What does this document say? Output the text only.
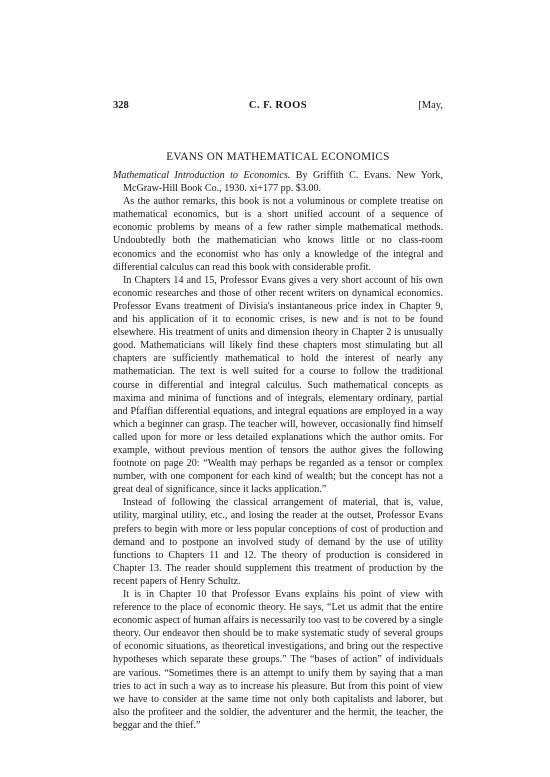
328	C. F. ROOS	[May,
EVANS ON MATHEMATICAL ECONOMICS
Mathematical Introduction to Economics. By Griffith C. Evans. New York, McGraw-Hill Book Co., 1930. xi+177 pp. $3.00.

As the author remarks, this book is not a voluminous or complete treatise on mathematical economics, but is a short unified account of a sequence of economic problems by means of a few rather simple mathematical methods. Undoubtedly both the mathematician who knows little or no class-room economics and the economist who has only a knowledge of the integral and differential calculus can read this book with considerable profit.

In Chapters 14 and 15, Professor Evans gives a very short account of his own economic researches and those of other recent writers on dynamical economics. Professor Evans treatment of Divisia's instantaneous price index in Chapter 9, and his application of it to economic crises, is new and is not to be found elsewhere. His treatment of units and dimension theory in Chapter 2 is unusually good. Mathematicians will likely find these chapters most stimulating but all chapters are sufficiently mathematical to hold the interest of nearly any mathematician. The text is well suited for a course to follow the traditional course in differential and integral calculus. Such mathematical concepts as maxima and minima of functions and of integrals, elementary ordinary, partial and Pfaffian differential equations, and integral equations are employed in a way which a beginner can grasp. The teacher will, however, occasionally find himself called upon for more or less detailed explanations which the author omits. For example, without previous mention of tensors the author gives the following footnote on page 20: “Wealth may perhaps be regarded as a tensor or complex number, with one component for each kind of wealth; but the concept has not a great deal of significance, since it lacks application.”

Instead of following the classical arrangement of material, that is, value, utility, marginal utility, etc., and losing the reader at the outset, Professor Evans prefers to begin with more or less popular conceptions of cost of production and demand and to postpone an involved study of demand by the use of utility functions to Chapters 11 and 12. The theory of production is considered in Chapter 13. The reader should supplement this treatment of production by the recent papers of Henry Schultz.

It is in Chapter 10 that Professor Evans explains his point of view with reference to the place of economic theory. He says, “Let us admit that the entire economic aspect of human affairs is necessarily too vast to be covered by a single theory. Our endeavor then should be to make systematic study of several groups of economic situations, as theoretical investigations, and bring out the respective hypotheses which separate these groups.” The “bases of action” of individuals are various. “Sometimes there is an attempt to unify them by saying that a man tries to act in such a way as to increase his pleasure. But from this point of view we have to consider at the same time not only both capitalists and laborer, but also the profiteer and the soldier, the adventurer and the hermit, the teacher, the beggar and the thief.”
